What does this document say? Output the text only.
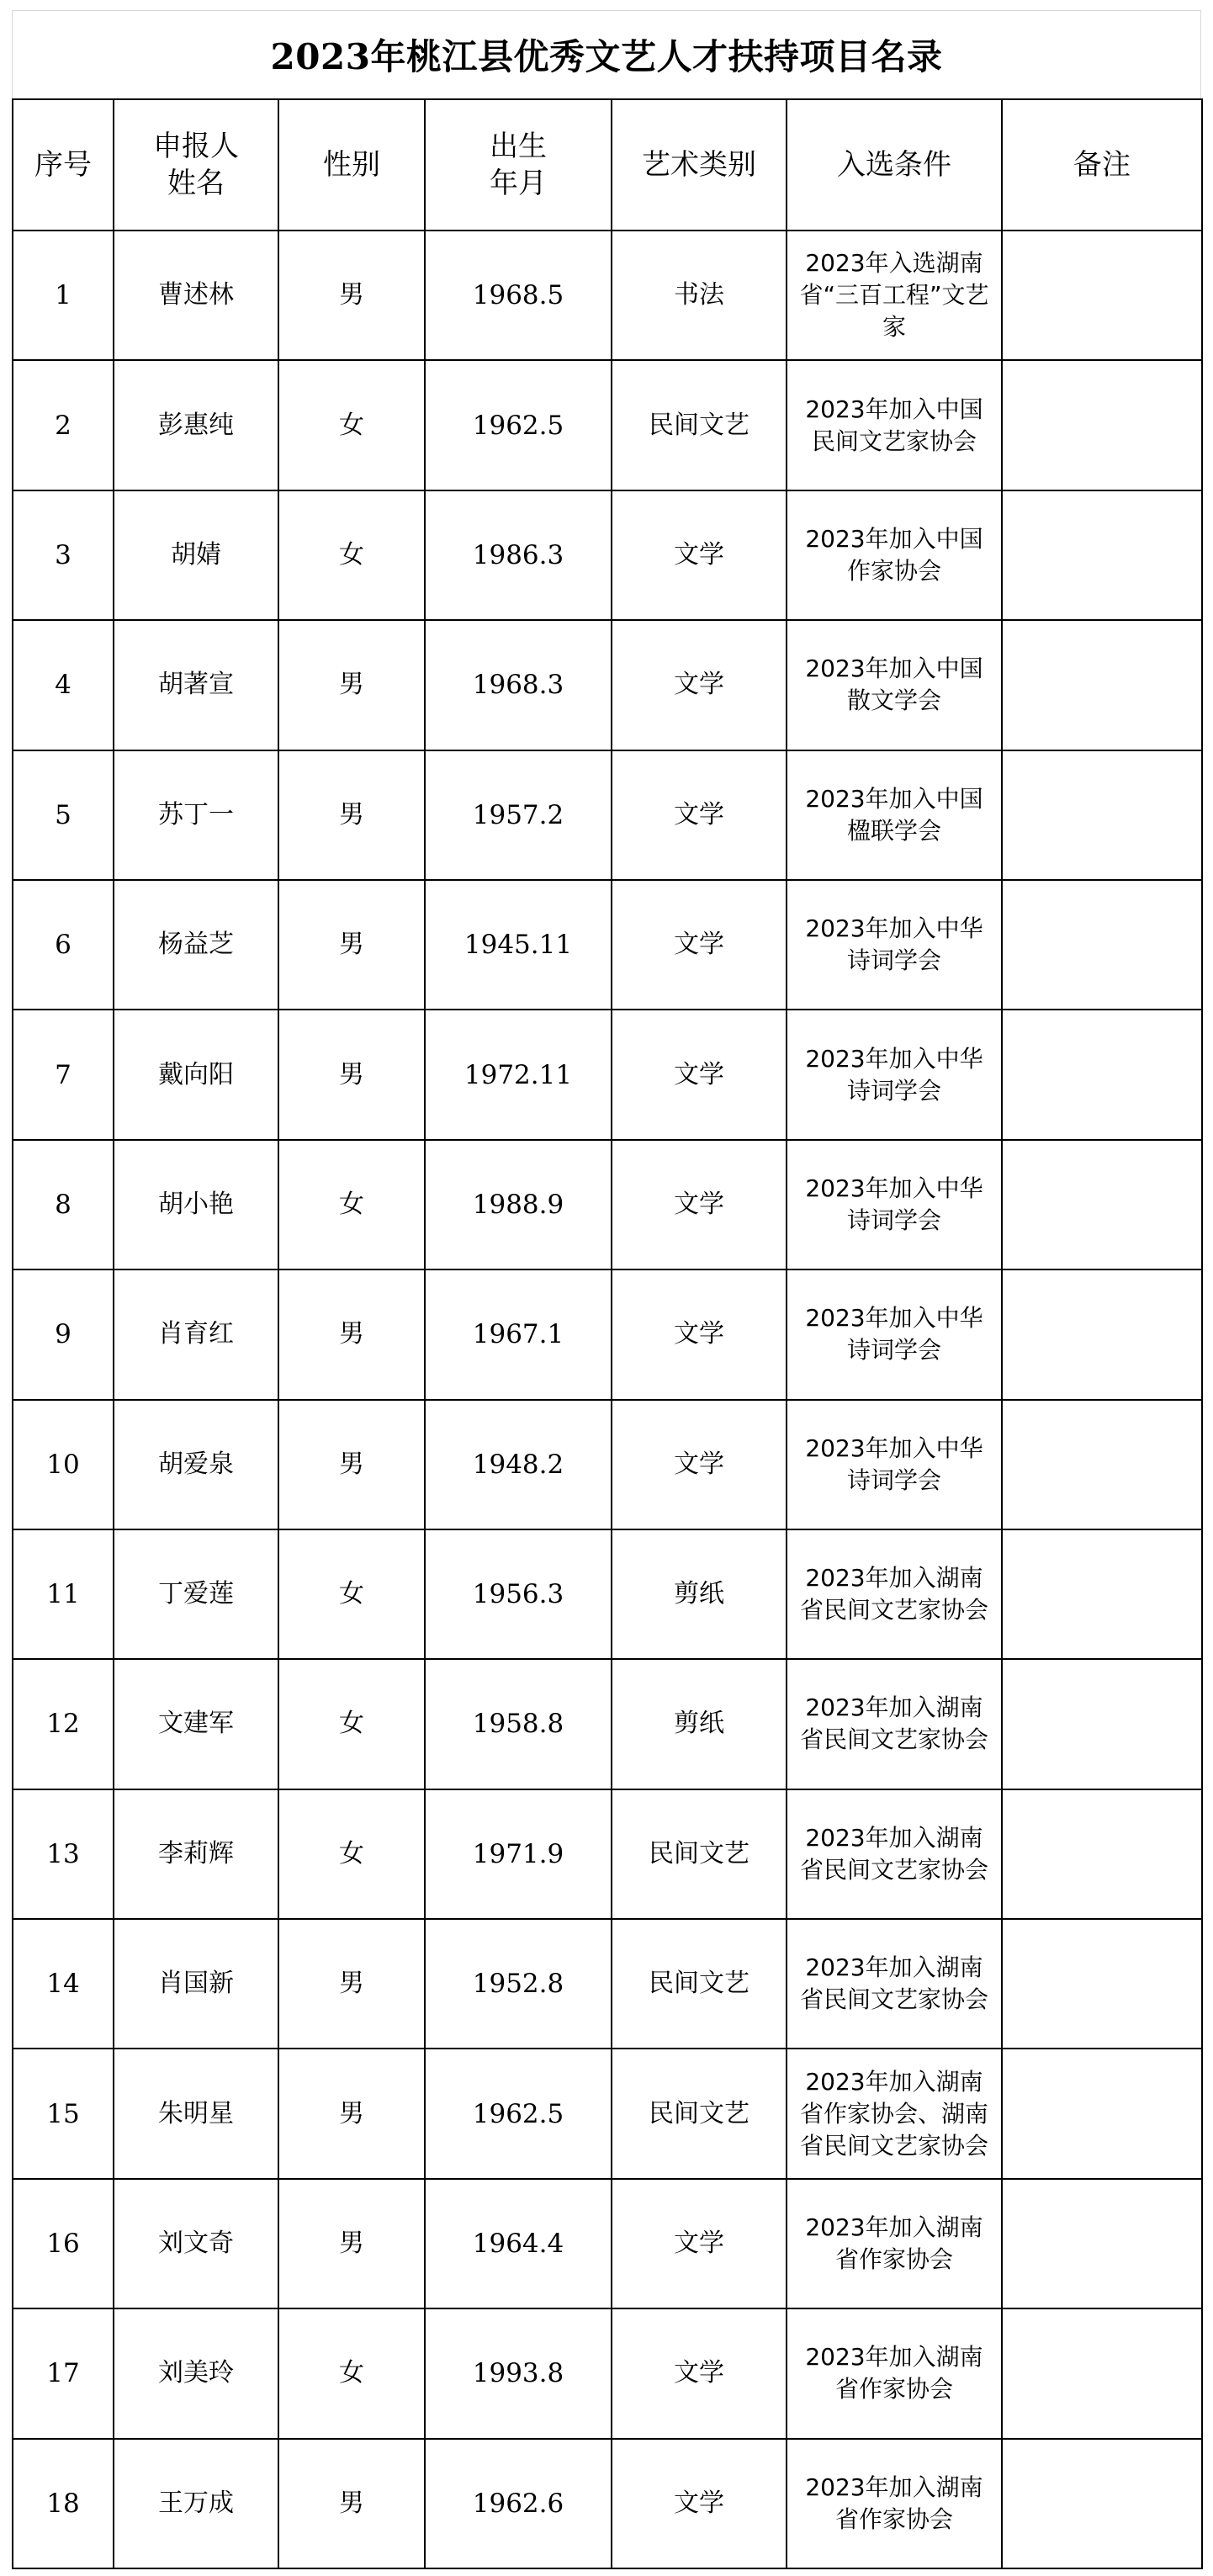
2023年桃江县优秀文艺人才扶持项目名录
序号	申报人姓名	性别	出生年月	艺术类别	入选条件	备注
1	曹述林	男	1968.5	书法	2023年入选湖南省“三百工程”文艺家	
2	彭惠纯	女	1962.5	民间文艺	2023年加入中国民间文艺家协会	
3	胡婧	女	1986.3	文学	2023年加入中国作家协会	
4	胡著宣	男	1968.3	文学	2023年加入中国散文学会	
5	苏丁一	男	1957.2	文学	2023年加入中国楹联学会	
6	杨益芝	男	1945.11	文学	2023年加入中华诗词学会	
7	戴向阳	男	1972.11	文学	2023年加入中华诗词学会	
8	胡小艳	女	1988.9	文学	2023年加入中华诗词学会	
9	肖育红	男	1967.1	文学	2023年加入中华诗词学会	
10	胡爱泉	男	1948.2	文学	2023年加入中华诗词学会	
11	丁爱莲	女	1956.3	剪纸	2023年加入湖南省民间文艺家协会	
12	文建军	女	1958.8	剪纸	2023年加入湖南省民间文艺家协会	
13	李莉辉	女	1971.9	民间文艺	2023年加入湖南省民间文艺家协会	
14	肖国新	男	1952.8	民间文艺	2023年加入湖南省民间文艺家协会	
15	朱明星	男	1962.5	民间文艺	2023年加入湖南省作家协会、湖南省民间文艺家协会	
16	刘文奇	男	1964.4	文学	2023年加入湖南省作家协会	
17	刘美玲	女	1993.8	文学	2023年加入湖南省作家协会	
18	王万成	男	1962.6	文学	2023年加入湖南省作家协会	
